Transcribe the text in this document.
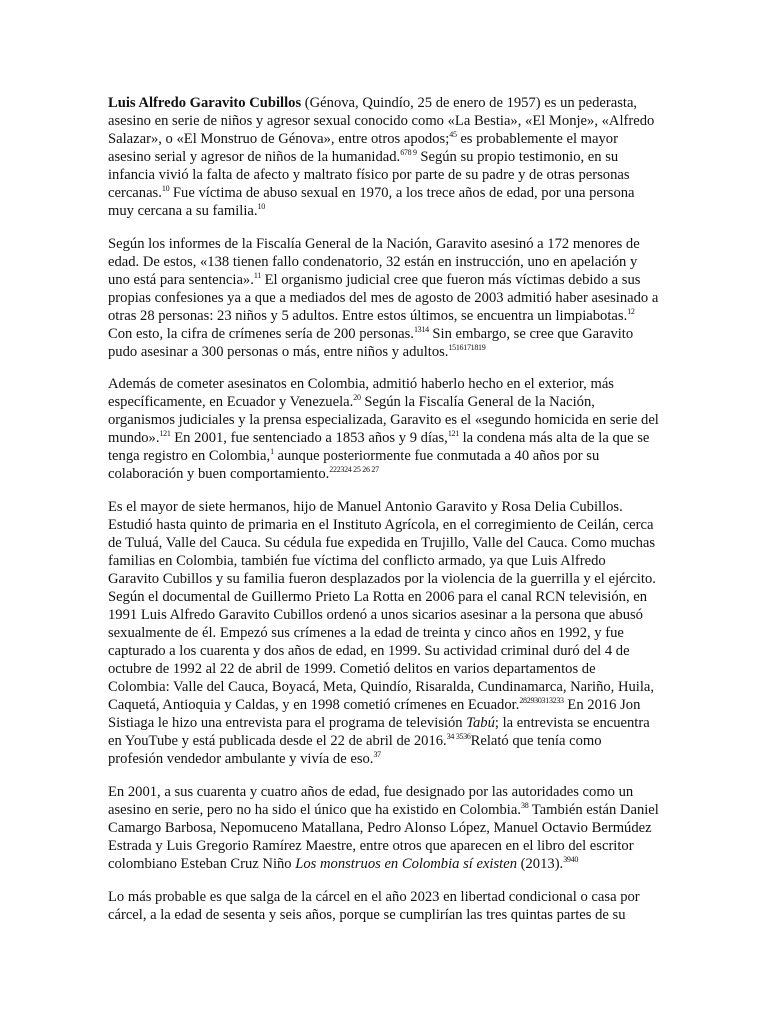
Luis Alfredo Garavito Cubillos (Génova, Quindío, 25 de enero de 1957) es un pederasta, asesino en serie de niños y agresor sexual conocido como «La Bestia», «El Monje», «Alfredo Salazar», o «El Monstruo de Génova», entre otros apodos;$^{45}$ es probablemente el mayor asesino serial y agresor de niños de la humanidad.$^{678 9}$ Según su propio testimonio, en su infancia vivió la falta de afecto y maltrato físico por parte de su padre y de otras personas cercanas.$^{10}$ Fue víctima de abuso sexual en 1970, a los trece años de edad, por una persona muy cercana a su familia.$^{10}$

Según los informes de la Fiscalía General de la Nación, Garavito asesinó a 172 menores de edad. De estos, «138 tienen fallo condenatorio, 32 están en instrucción, uno en apelación y uno está para sentencia».$^{11}$ El organismo judicial cree que fueron más víctimas debido a sus propias confesiones ya a que a mediados del mes de agosto de 2003 admitió haber asesinado a otras 28 personas: 23 niños y 5 adultos. Entre estos últimos, se encuentra un limpiabotas.$^{12}$ Con esto, la cifra de crímenes sería de 200 personas.$^{1314}$ Sin embargo, se cree que Garavito pudo asesinar a 300 personas o más, entre niños y adultos.$^{1516171819}$

Además de cometer asesinatos en Colombia, admitió haberlo hecho en el exterior, más específicamente, en Ecuador y Venezuela.$^{20}$ Según la Fiscalía General de la Nación, organismos judiciales y la prensa especializada, Garavito es el «segundo homicida en serie del mundo».$^{121}$ En 2001, fue sentenciado a 1853 años y 9 días,$^{121}$ la condena más alta de la que se tenga registro en Colombia,$^1$ aunque posteriormente fue conmutada a 40 años por su colaboración y buen comportamiento.$^{222324 25 26 27}$

Es el mayor de siete hermanos, hijo de Manuel Antonio Garavito y Rosa Delia Cubillos. Estudió hasta quinto de primaria en el Instituto Agrícola, en el corregimiento de Ceilán, cerca de Tuluá, Valle del Cauca. Su cédula fue expedida en Trujillo, Valle del Cauca. Como muchas familias en Colombia, también fue víctima del conflicto armado, ya que Luis Alfredo Garavito Cubillos y su familia fueron desplazados por la violencia de la guerrilla y el ejército. Según el documental de Guillermo Prieto La Rotta en 2006 para el canal RCN televisión, en 1991 Luis Alfredo Garavito Cubillos ordenó a unos sicarios asesinar a la persona que abusó sexualmente de él. Empezó sus crímenes a la edad de treinta y cinco años en 1992, y fue capturado a los cuarenta y dos años de edad, en 1999. Su actividad criminal duró del 4 de octubre de 1992 al 22 de abril de 1999. Cometió delitos en varios departamentos de Colombia: Valle del Cauca, Boyacá, Meta, Quindío, Risaralda, Cundinamarca, Nariño, Huila, Caquetá, Antioquia y Caldas, y en 1998 cometió crímenes en Ecuador.$^{282930313233}$ En 2016 Jon Sistiaga le hizo una entrevista para el programa de televisión Tabú; la entrevista se encuentra en YouTube y está publicada desde el 22 de abril de 2016.$^{34 3536}$Relató que tenía como profesión vendedor ambulante y vivía de eso.$^{37}$

En 2001, a sus cuarenta y cuatro años de edad, fue designado por las autoridades como un asesino en serie, pero no ha sido el único que ha existido en Colombia.$^{38}$ También están Daniel Camargo Barbosa, Nepomuceno Matallana, Pedro Alonso López, Manuel Octavio Bermúdez Estrada y Luis Gregorio Ramírez Maestre, entre otros que aparecen en el libro del escritor colombiano Esteban Cruz Niño Los monstruos en Colombia sí existen (2013).$^{3940}$

Lo más probable es que salga de la cárcel en el año 2023 en libertad condicional o casa por cárcel, a la edad de sesenta y seis años, porque se cumplirían las tres quintas partes de su
